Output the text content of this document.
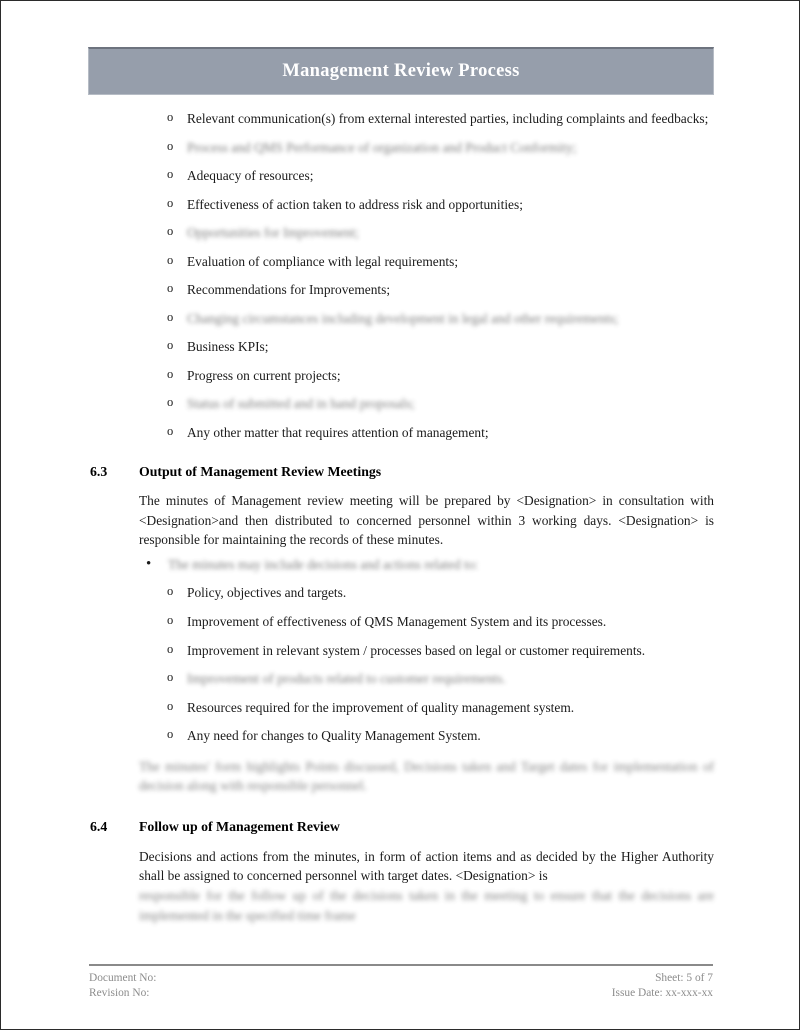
Management Review Process
o Relevant communication(s) from external interested parties, including complaints and feedbacks;
o Process and QMS Performance of organization and Product Conformity;
o Adequacy of resources;
o Effectiveness of action taken to address risk and opportunities;
o Opportunities for Improvement;
o Evaluation of compliance with legal requirements;
o Recommendations for Improvements;
o Changing circumstances including development in legal and other requirements;
o Business KPIs;
o Progress on current projects;
o Status of submitted and in hand proposals;
o Any other matter that requires attention of management;
6.3 Output of Management Review Meetings
The minutes of Management review meeting will be prepared by <Designation> in consultation with <Designation>and then distributed to concerned personnel within 3 working days. <Designation> is responsible for maintaining the records of these minutes.
• The minutes may include decisions and actions related to:
o Policy, objectives and targets.
o Improvement of effectiveness of QMS Management System and its processes.
o Improvement in relevant system / processes based on legal or customer requirements.
o Improvement of products related to customer requirements.
o Resources required for the improvement of quality management system.
o Any need for changes to Quality Management System.
The minutes' form highlights Points discussed, Decisions taken and Target dates for implementation of decision along with responsible personnel.
6.4 Follow up of Management Review
Decisions and actions from the minutes, in form of action items and as decided by the Higher Authority shall be assigned to concerned personnel with target dates. <Designation> is
responsible for the follow up of the decisions taken in the meeting to ensure that the decisions are implemented in the specified time frame
Document No:
Revision No:
Sheet: 5 of 7
Issue Date: xx-xxx-xx
